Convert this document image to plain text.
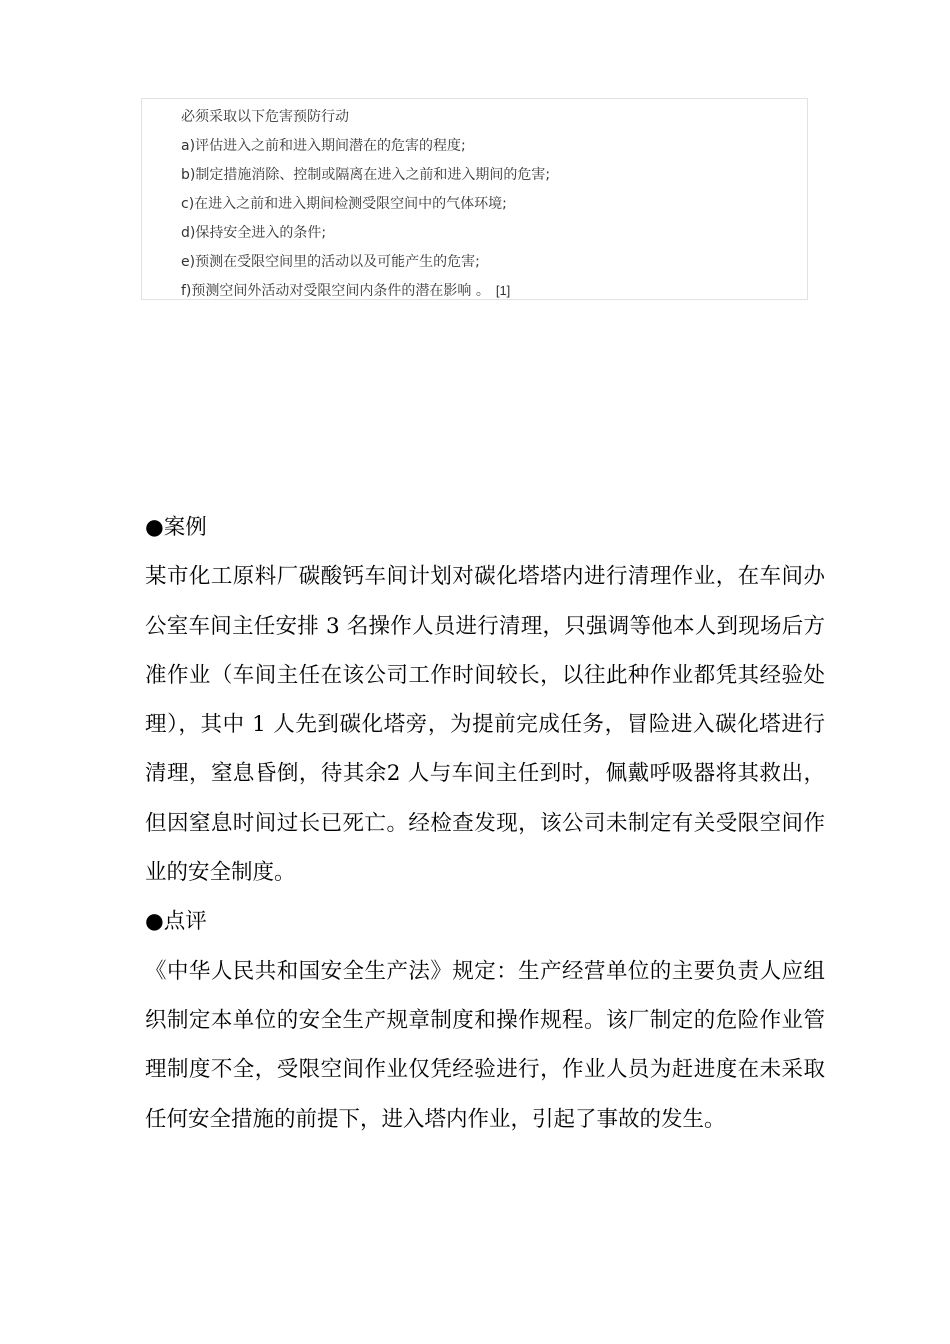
必须采取以下危害预防行动
a)评估进入之前和进入期间潜在的危害的程度;
b)制定措施消除、控制或隔离在进入之前和进入期间的危害;
c)在进入之前和进入期间检测受限空间中的气体环境;
d)保持安全进入的条件;
e)预测在受限空间里的活动以及可能产生的危害;
f)预测空间外活动对受限空间内条件的潜在影响 。 [1]

●案例

某市化工原料厂碳酸钙车间计划对碳化塔塔内进行清理作业，在车间办公室车间主任安排 3 名操作人员进行清理，只强调等他本人到现场后方准作业（车间主任在该公司工作时间较长，以往此种作业都凭其经验处理），其中 1 人先到碳化塔旁，为提前完成任务，冒险进入碳化塔进行清理，窒息昏倒，待其余2 人与车间主任到时，佩戴呼吸器将其救出，但因窒息时间过长已死亡。经检查发现，该公司未制定有关受限空间作业的安全制度。

●点评

《中华人民共和国安全生产法》规定：生产经营单位的主要负责人应组织制定本单位的安全生产规章制度和操作规程。该厂制定的危险作业管理制度不全，受限空间作业仅凭经验进行，作业人员为赶进度在未采取任何安全措施的前提下，进入塔内作业，引起了事故的发生。
